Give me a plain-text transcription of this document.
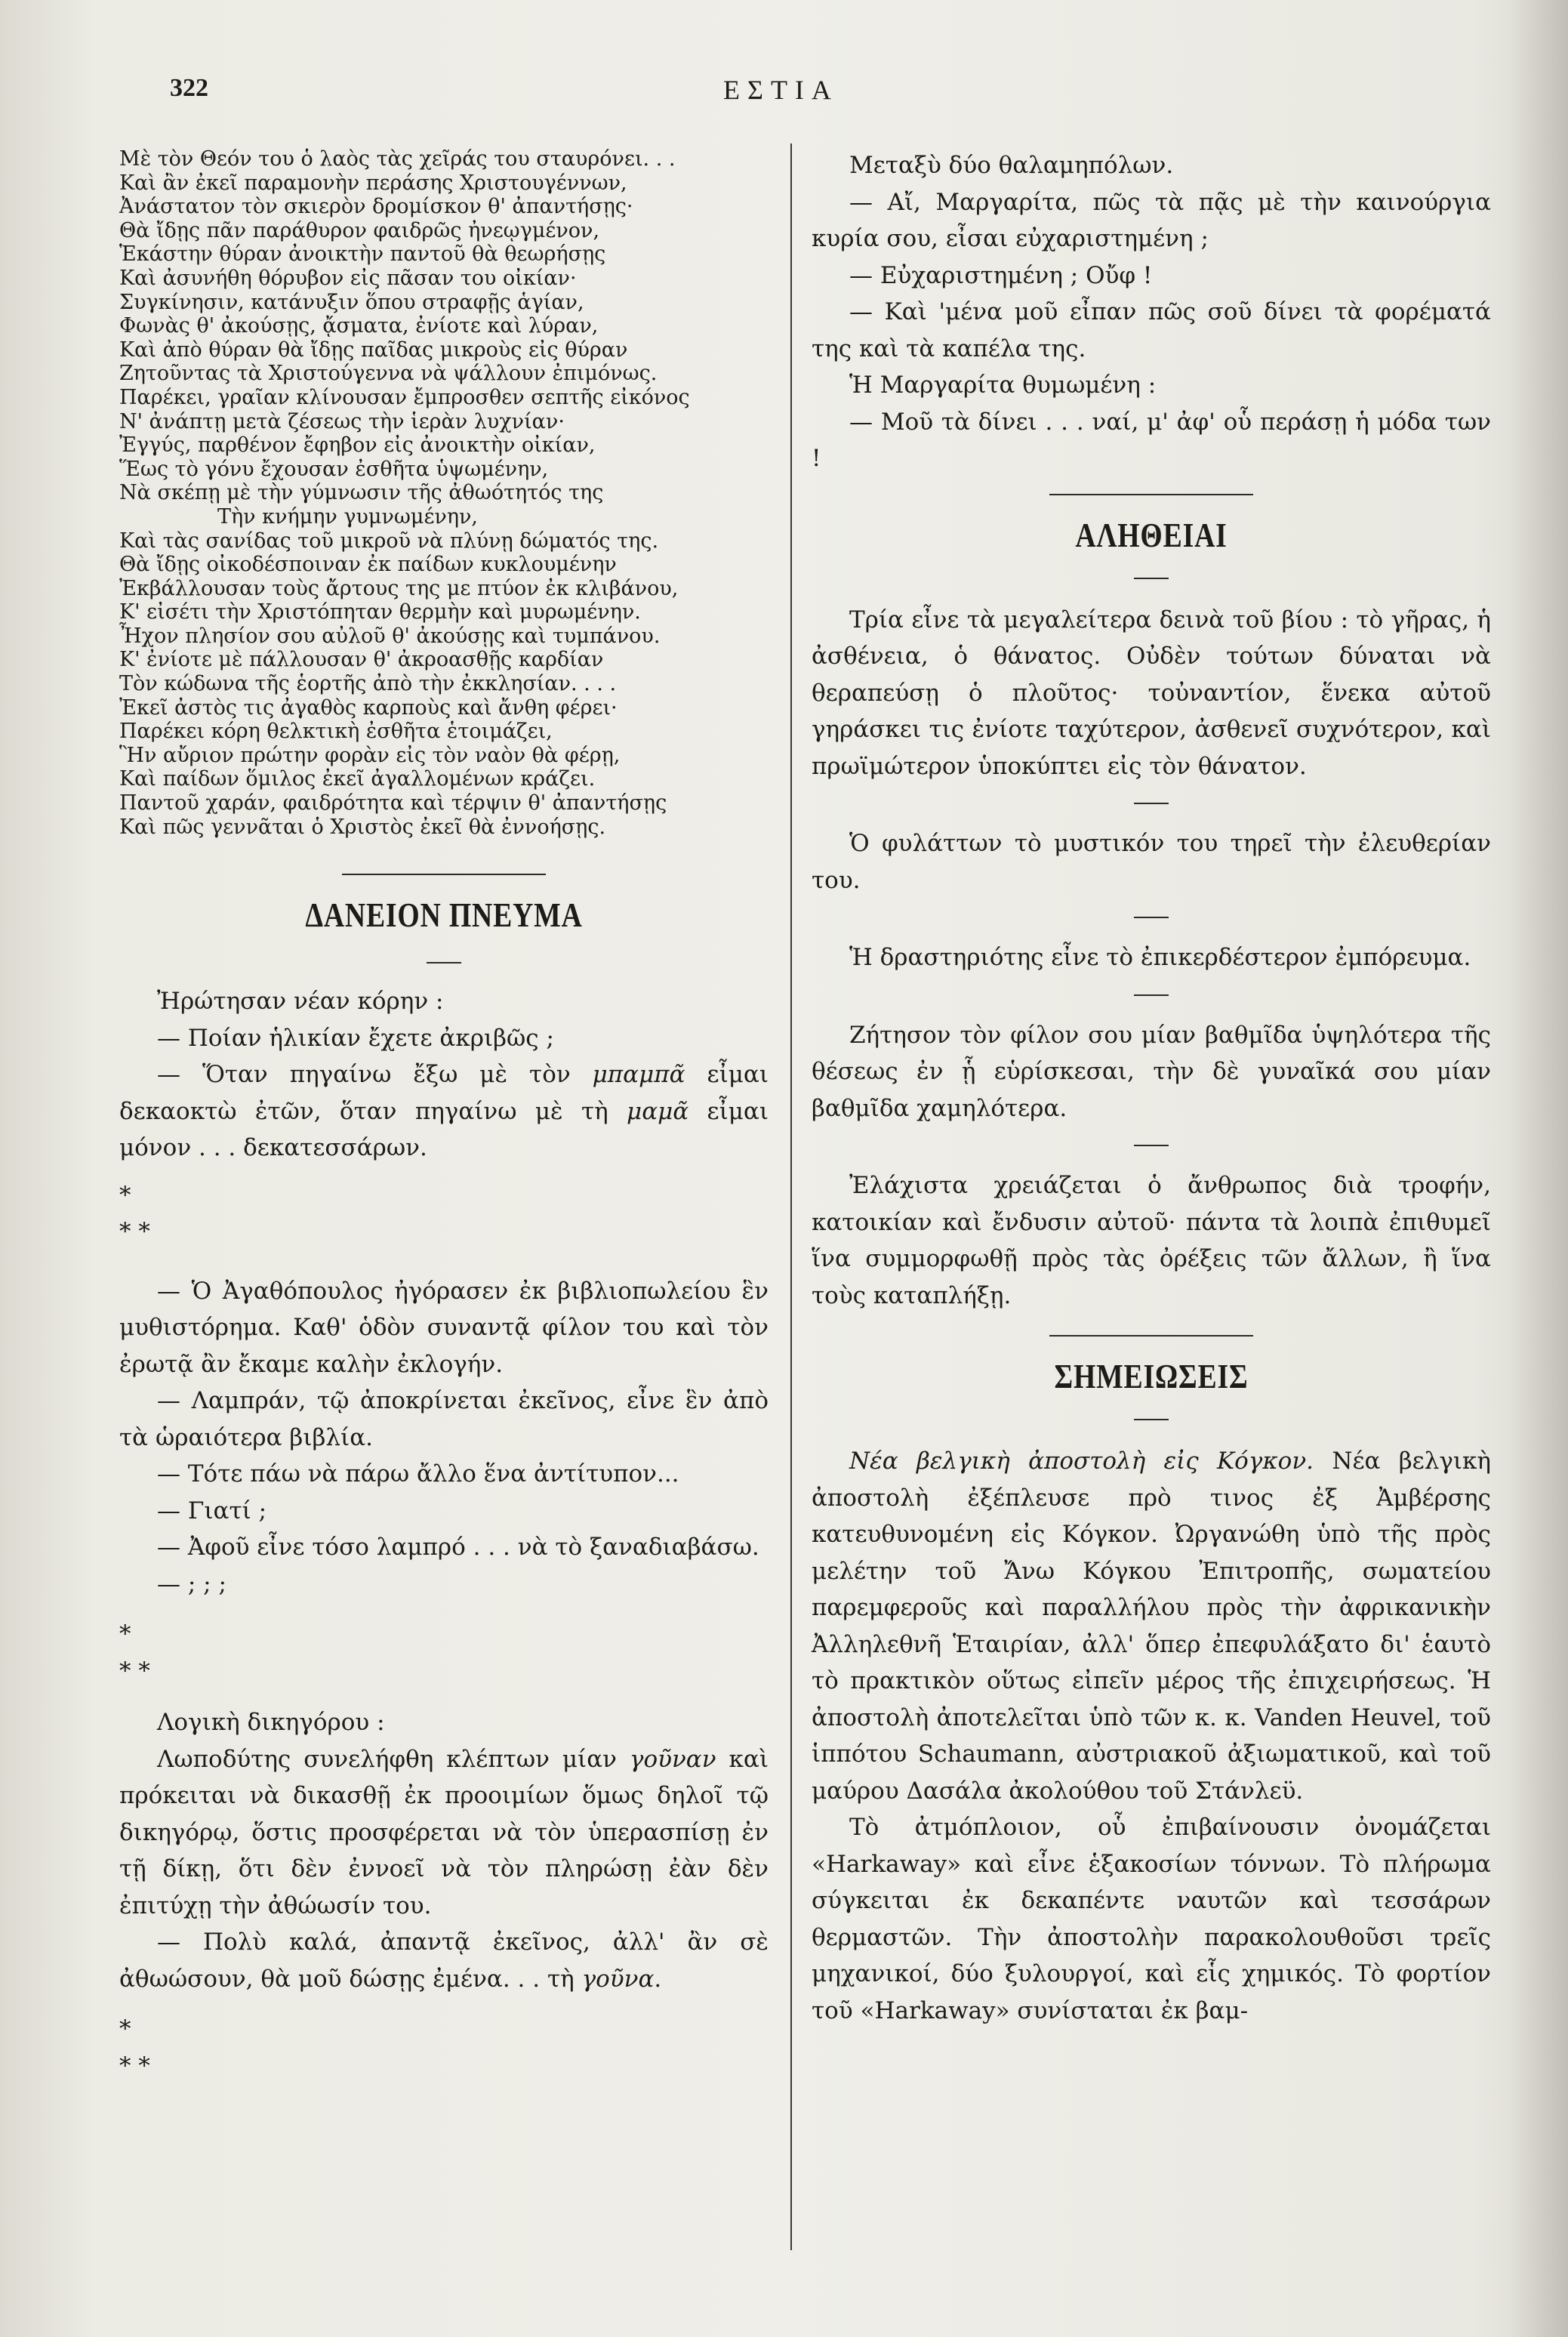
322	ΕΣΤΙΑ

Μὲ τὸν Θεόν του ὁ λαὸς τὰς χεῖράς του σταυρόνει. . .

Καὶ ἂν ἐκεῖ παραμονὴν περάσης Χριστουγέννων,

Ἀνάστατον τὸν σκιερὸν δρομίσκον θ' ἀπαντήσῃς·

Θὰ ἴδῃς πᾶν παράθυρον φαιδρῶς ἠνεῳγμένον,

Ἑκάστην θύραν ἀνοικτὴν παντοῦ θὰ θεωρήσῃς

Καὶ ἀσυνήθη θόρυβον εἰς πᾶσαν του οἰκίαν·

Συγκίνησιν, κατάνυξιν ὅπου στραφῇς ἁγίαν,

Φωνὰς θ' ἀκούσῃς, ᾄσματα, ἐνίοτε καὶ λύραν,

Καὶ ἀπὸ θύραν θὰ ἴδῃς παῖδας μικροὺς εἰς θύραν

Ζητοῦντας τὰ Χριστούγεννα νὰ ψάλλουν ἐπιμόνως.

Παρέκει, γραῖαν κλίνουσαν ἔμπροσθεν σεπτῆς εἰκόνος

Ν' ἀνάπτῃ μετὰ ζέσεως τὴν ἱερὰν λυχνίαν·

Ἐγγύς, παρθένον ἔφηβον εἰς ἀνοικτὴν οἰκίαν,

Ἕως τὸ γόνυ ἔχουσαν ἐσθῆτα ὑψωμένην,

Νὰ σκέπῃ μὲ τὴν γύμνωσιν τῆς ἀθωότητός της

Τὴν κνήμην γυμνωμένην,

Καὶ τὰς σανίδας τοῦ μικροῦ νὰ πλύνῃ δώματός της.

Θὰ ἴδῃς οἰκοδέσποιναν ἐκ παίδων κυκλουμένην

Ἐκβάλλουσαν τοὺς ἄρτους της με πτύον ἐκ κλιβάνου,

Κ' εἰσέτι τὴν Χριστόπηταν θερμὴν καὶ μυρωμένην.

Ἦχον πλησίον σου αὐλοῦ θ' ἀκούσῃς καὶ τυμπάνου.

Κ' ἐνίοτε μὲ πάλλουσαν θ' ἀκροασθῇς καρδίαν

Τὸν κώδωνα τῆς ἑορτῆς ἀπὸ τὴν ἐκκλησίαν. . . .

Ἐκεῖ ἀστὸς τις ἀγαθὸς καρποὺς καὶ ἄνθη φέρει·

Παρέκει κόρη θελκτικὴ ἐσθῆτα ἑτοιμάζει,

Ἣν αὔριον πρώτην φορὰν εἰς τὸν ναὸν θὰ φέρῃ,

Καὶ παίδων ὅμιλος ἐκεῖ ἀγαλλομένων κράζει.

Παντοῦ χαράν, φαιδρότητα καὶ τέρψιν θ' ἀπαντήσῃς

Καὶ πῶς γεννᾶται ὁ Χριστὸς ἐκεῖ θὰ ἐννοήσῃς.

ΔΑΝΕΙΟΝ ΠΝΕΥΜΑ

Ἠρώτησαν νέαν κόρην :

— Ποίαν ἡλικίαν ἔχετε ἀκριβῶς ;

— Ὅταν πηγαίνω ἔξω μὲ τὸν μπαμπᾶ εἶμαι δεκαοκτὼ ἐτῶν, ὅταν πηγαίνω μὲ τὴ μαμᾶ εἶμαι μόνον . . . δεκατεσσάρων.

*

* *

— Ὁ Ἀγαθόπουλος ἠγόρασεν ἐκ βιβλιοπωλείου ἓν μυθιστόρημα. Καθ' ὁδὸν συναντᾷ φίλον του καὶ τὸν ἐρωτᾷ ἂν ἔκαμε καλὴν ἐκλογήν.

— Λαμπράν, τῷ ἀποκρίνεται ἐκεῖνος, εἶνε ἓν ἀπὸ τὰ ὡραιότερα βιβλία.

— Τότε πάω νὰ πάρω ἄλλο ἕνα ἀντίτυπον...

— Γιατί ;

— Ἀφοῦ εἶνε τόσο λαμπρό . . . νὰ τὸ ξαναδιαβάσω.

— ; ; ;

*

* *

Λογικὴ δικηγόρου :

Λωποδύτης συνελήφθη κλέπτων μίαν γοῦναν καὶ πρόκειται νὰ δικασθῇ ἐκ προοιμίων ὅμως δηλοῖ τῷ δικηγόρῳ, ὅστις προσφέρεται νὰ τὸν ὑπερασπίσῃ ἐν τῇ δίκῃ, ὅτι δὲν ἐννοεῖ νὰ τὸν πληρώσῃ ἐὰν δὲν ἐπιτύχῃ τὴν ἀθώωσίν του.

— Πολὺ καλά, ἀπαντᾷ ἐκεῖνος, ἀλλ' ἂν σὲ ἀθωώσουν, θὰ μοῦ δώσῃς ἐμένα. . . τὴ γοῦνα.

*

* *

Μεταξὺ δύο θαλαμηπόλων.

— Αἴ, Μαργαρίτα, πῶς τὰ πᾷς μὲ τὴν καινούργια κυρία σου, εἶσαι εὐχαριστημένη ;

— Εὐχαριστημένη ; Οὔφ !

— Καὶ 'μένα μοῦ εἶπαν πῶς σοῦ δίνει τὰ φορέματά της καὶ τὰ καπέλα της.

Ἡ Μαργαρίτα θυμωμένη :

— Μοῦ τὰ δίνει . . . ναί, μ' ἀφ' οὗ περάσῃ ἡ μόδα των !

ΑΛΗΘΕΙΑΙ

Τρία εἶνε τὰ μεγαλείτερα δεινὰ τοῦ βίου : τὸ γῆρας, ἡ ἀσθένεια, ὁ θάνατος. Οὐδὲν τούτων δύναται νὰ θεραπεύσῃ ὁ πλοῦτος· τοὐναντίον, ἕνεκα αὐτοῦ γηράσκει τις ἐνίοτε ταχύτερον, ἀσθενεῖ συχνότερον, καὶ πρωϊμώτερον ὑποκύπτει εἰς τὸν θάνατον.

Ὁ φυλάττων τὸ μυστικόν του τηρεῖ τὴν ἐλευθερίαν του.

Ἡ δραστηριότης εἶνε τὸ ἐπικερδέστερον ἐμπόρευμα.

Ζήτησον τὸν φίλον σου μίαν βαθμῖδα ὑψηλότερα τῆς θέσεως ἐν ᾗ εὑρίσκεσαι, τὴν δὲ γυναῖκά σου μίαν βαθμῖδα χαμηλότερα.

Ἐλάχιστα χρειάζεται ὁ ἄνθρωπος διὰ τροφήν, κατοικίαν καὶ ἔνδυσιν αὐτοῦ· πάντα τὰ λοιπὰ ἐπιθυμεῖ ἵνα συμμορφωθῇ πρὸς τὰς ὀρέξεις τῶν ἄλλων, ἢ ἵνα τοὺς καταπλήξῃ.

ΣΗΜΕΙΩΣΕΙΣ

Νέα βελγικὴ ἀποστολὴ εἰς Κόγκον. Νέα βελγικὴ ἀποστολὴ ἐξέπλευσε πρὸ τινος ἐξ Ἀμβέρσης κατευθυνομένη εἰς Κόγκον. Ὠργανώθη ὑπὸ τῆς πρὸς μελέτην τοῦ Ἄνω Κόγκου Ἐπιτροπῆς, σωματείου παρεμφεροῦς καὶ παραλλήλου πρὸς τὴν ἀφρικανικὴν Ἀλληλεθνῆ Ἑταιρίαν, ἀλλ' ὅπερ ἐπεφυλάξατο δι' ἑαυτὸ τὸ πρακτικὸν οὕτως εἰπεῖν μέρος τῆς ἐπιχειρήσεως. Ἡ ἀποστολὴ ἀποτελεῖται ὑπὸ τῶν κ. κ. Vanden Heuvel, τοῦ ἱππότου Schaumann, αὐστριακοῦ ἀξιωματικοῦ, καὶ τοῦ μαύρου Δασάλα ἀκολούθου τοῦ Στάνλεϋ.

Τὸ ἀτμόπλοιον, οὗ ἐπιβαίνουσιν ὀνομάζεται «Harkaway» καὶ εἶνε ἑξακοσίων τόννων. Τὸ πλήρωμα σύγκειται ἐκ δεκαπέντε ναυτῶν καὶ τεσσάρων θερμαστῶν. Τὴν ἀποστολὴν παρακολουθοῦσι τρεῖς μηχανικοί, δύο ξυλουργοί, καὶ εἷς χημικός. Τὸ φορτίον τοῦ «Harkaway» συνίσταται ἐκ βαμ-
